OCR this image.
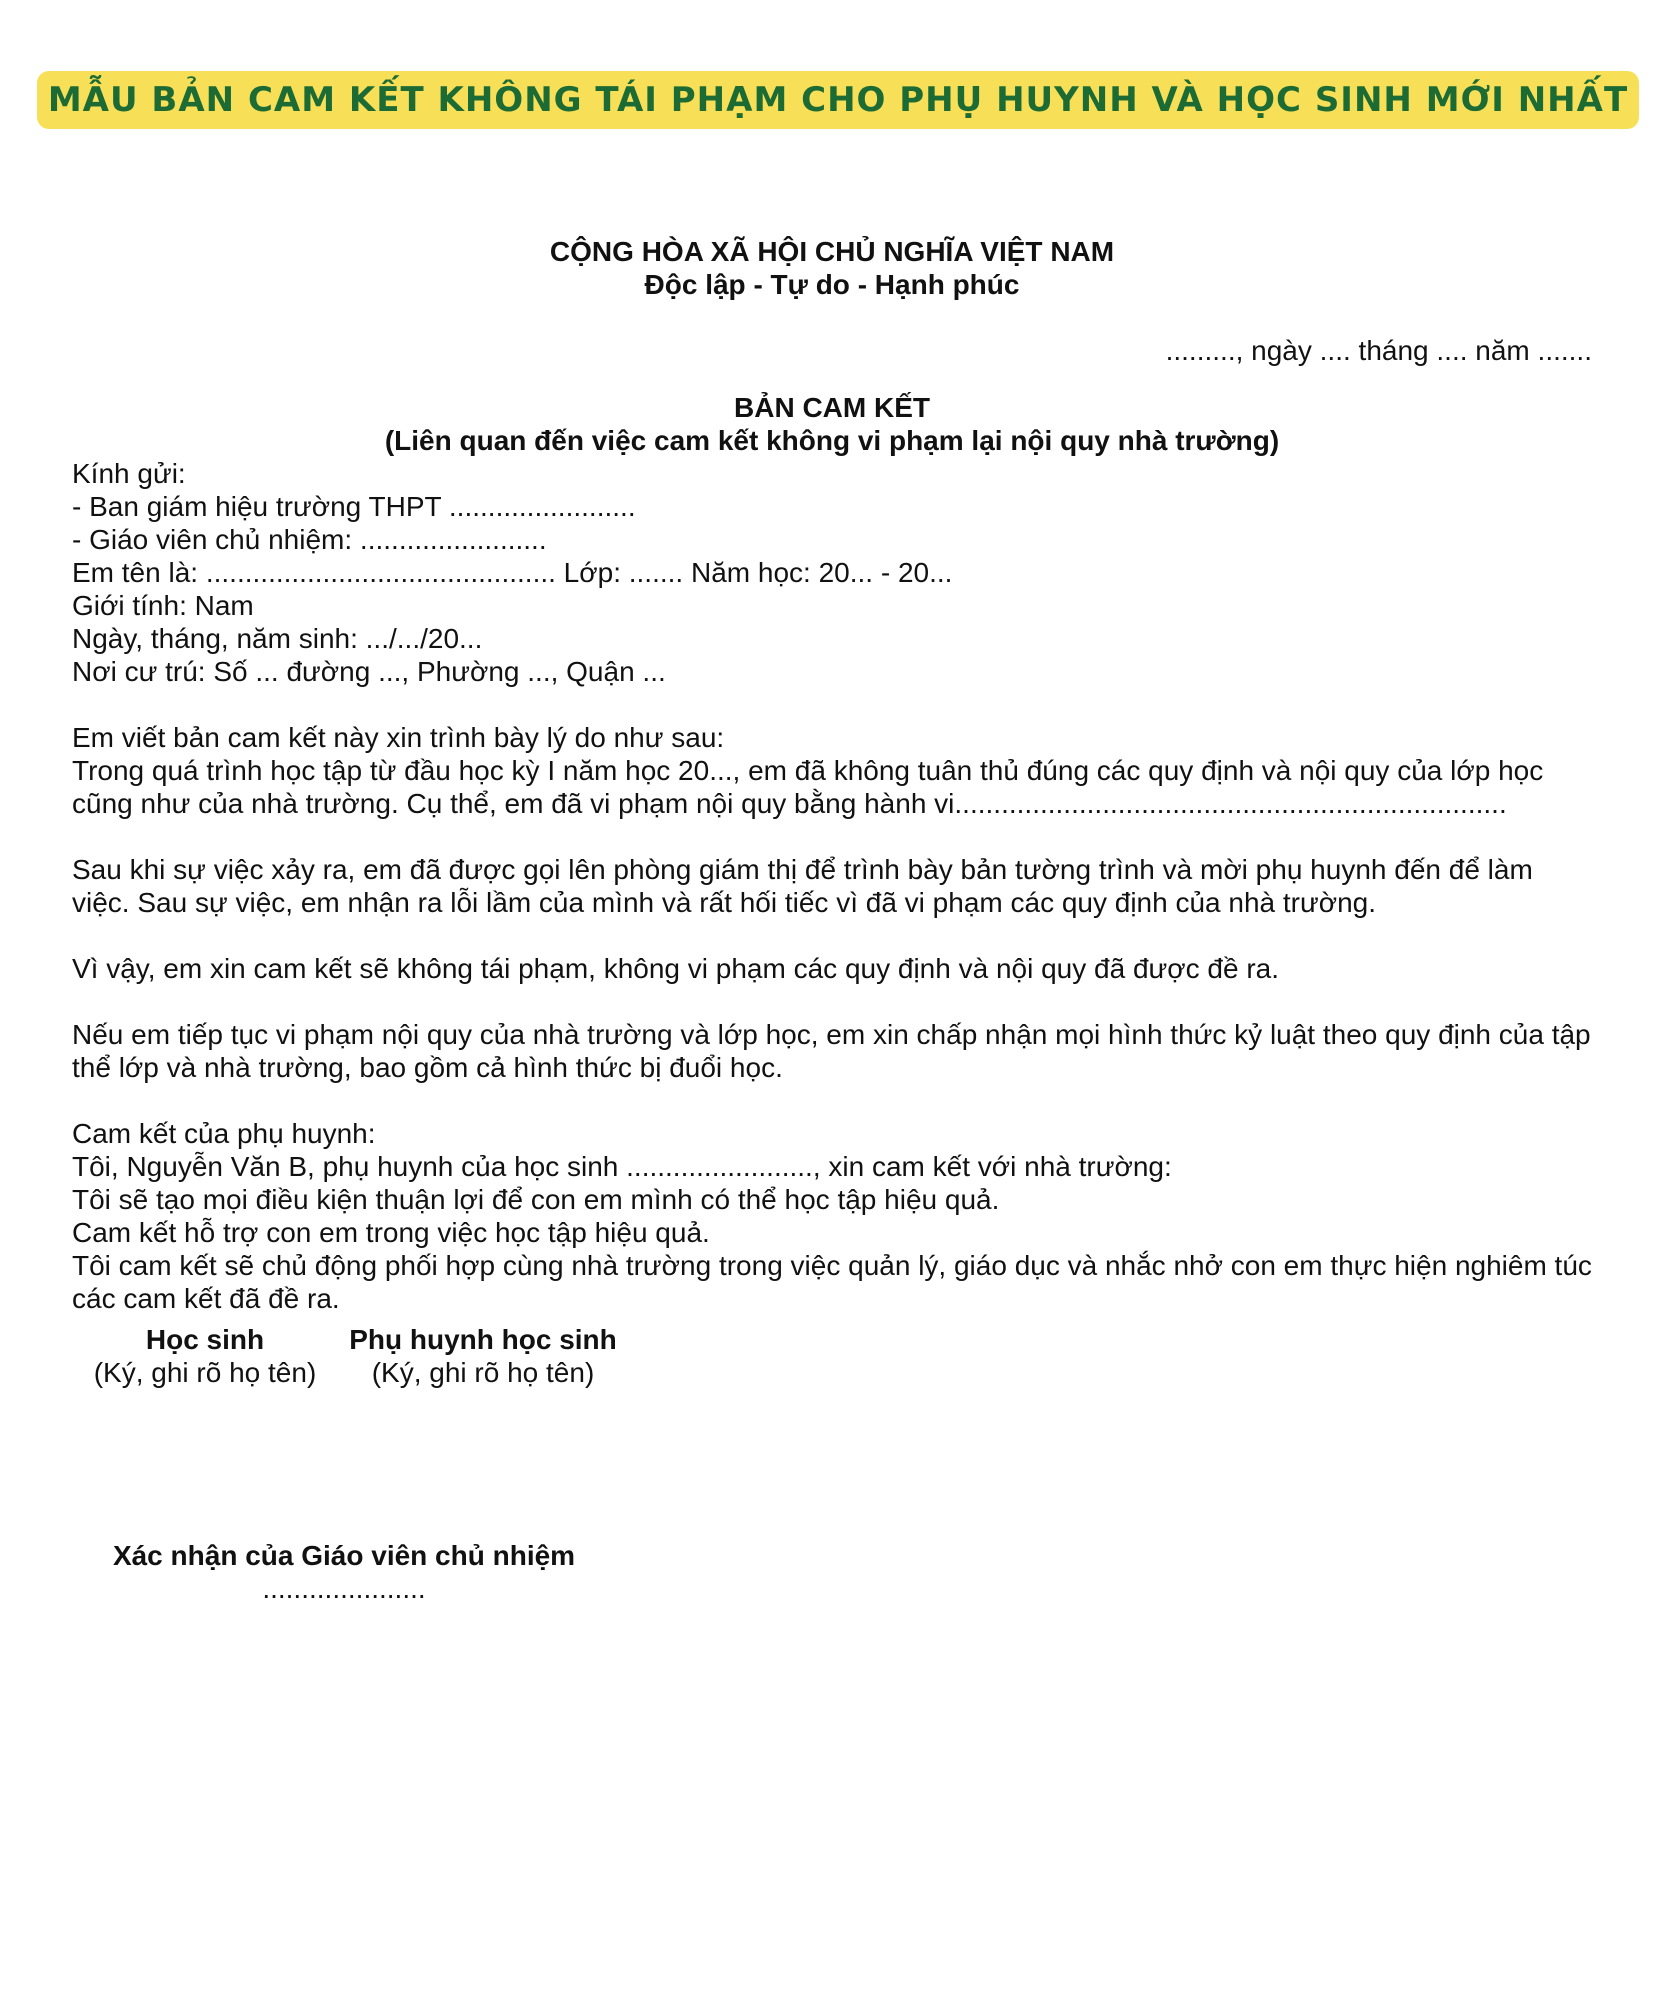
MẪU BẢN CAM KẾT KHÔNG TÁI PHẠM CHO PHỤ HUYNH VÀ HỌC SINH MỚI NHẤT
CỘNG HÒA XÃ HỘI CHỦ NGHĨA VIỆT NAM
Độc lập - Tự do - Hạnh phúc
........., ngày .... tháng .... năm .......
BẢN CAM KẾT
(Liên quan đến việc cam kết không vi phạm lại nội quy nhà trường)

Kính gửi:

- Ban giám hiệu trường THPT ........................

- Giáo viên chủ nhiệm: ........................

Em tên là: ............................................. Lớp: ....... Năm học: 20... - 20...

Giới tính: Nam

Ngày, tháng, năm sinh: .../.../20...

Nơi cư trú: Số ... đường ..., Phường ..., Quận ...

Em viết bản cam kết này xin trình bày lý do như sau:

Trong quá trình học tập từ đầu học kỳ I năm học 20..., em đã không tuân thủ đúng các quy định và nội quy của lớp học cũng như của nhà trường. Cụ thể, em đã vi phạm nội quy bằng hành vi.......................................................................

Sau khi sự việc xảy ra, em đã được gọi lên phòng giám thị để trình bày bản tường trình và mời phụ huynh đến để làm việc. Sau sự việc, em nhận ra lỗi lầm của mình và rất hối tiếc vì đã vi phạm các quy định của nhà trường.

Vì vậy, em xin cam kết sẽ không tái phạm, không vi phạm các quy định và nội quy đã được đề ra.

Nếu em tiếp tục vi phạm nội quy của nhà trường và lớp học, em xin chấp nhận mọi hình thức kỷ luật theo quy định của tập thể lớp và nhà trường, bao gồm cả hình thức bị đuổi học.

Cam kết của phụ huynh:

Tôi, Nguyễn Văn B, phụ huynh của học sinh ........................, xin cam kết với nhà trường:

Tôi sẽ tạo mọi điều kiện thuận lợi để con em mình có thể học tập hiệu quả.

Cam kết hỗ trợ con em trong việc học tập hiệu quả.

Tôi cam kết sẽ chủ động phối hợp cùng nhà trường trong việc quản lý, giáo dục và nhắc nhở con em thực hiện nghiêm túc các cam kết đã đề ra.

Học sinh
(Ký, ghi rõ họ tên)
Phụ huynh học sinh
(Ký, ghi rõ họ tên)
Xác nhận của Giáo viên chủ nhiệm
.....................
